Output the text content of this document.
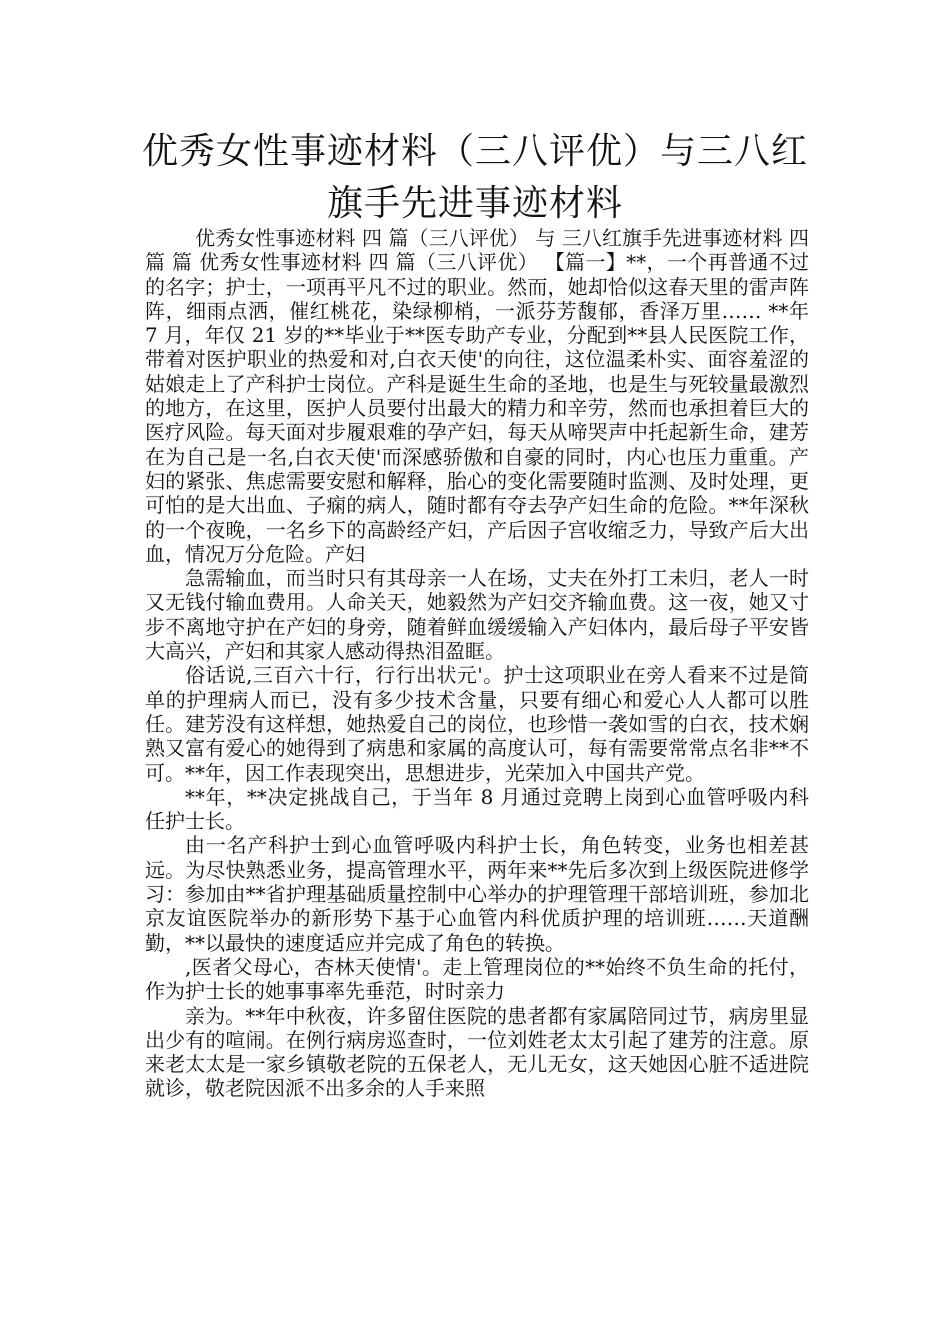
优秀女性事迹材料（三八评优）与三八红
旗手先进事迹材料

优秀女性事迹材料 四 篇（三八评优） 与 三八红旗手先进事迹材料 四篇 篇 优秀女性事迹材料 四 篇（三八评优） 【篇一】**，一个再普通不过的名字；护士，一项再平凡不过的职业。然而，她却恰似这春天里的雷声阵阵，细雨点洒，催红桃花，染绿柳梢，一派芬芳馥郁，香泽万里…… **年 7 月，年仅 21 岁的**毕业于**医专助产专业，分配到**县人民医院工作，带着对医护职业的热爱和对,白衣天使'的向往，这位温柔朴实、面容羞涩的姑娘走上了产科护士岗位。产科是诞生生命的圣地，也是生与死较量最激烈的地方，在这里，医护人员要付出最大的精力和辛劳，然而也承担着巨大的医疗风险。每天面对步履艰难的孕产妇，每天从啼哭声中托起新生命，建芳在为自己是一名,白衣天使'而深感骄傲和自豪的同时，内心也压力重重。产妇的紧张、焦虑需要安慰和解释，胎心的变化需要随时监测、及时处理，更可怕的是大出血、子痫的病人，随时都有夺去孕产妇生命的危险。**年深秋的一个夜晚，一名乡下的高龄经产妇，产后因子宫收缩乏力，导致产后大出血，情况万分危险。产妇

急需输血，而当时只有其母亲一人在场，丈夫在外打工未归，老人一时又无钱付输血费用。人命关天，她毅然为产妇交齐输血费。这一夜，她又寸步不离地守护在产妇的身旁，随着鲜血缓缓输入产妇体内，最后母子平安皆大高兴，产妇和其家人感动得热泪盈眶。

俗话说,三百六十行，行行出状元'。护士这项职业在旁人看来不过是简单的护理病人而已，没有多少技术含量，只要有细心和爱心人人都可以胜任。建芳没有这样想，她热爱自己的岗位，也珍惜一袭如雪的白衣，技术娴熟又富有爱心的她得到了病患和家属的高度认可，每有需要常常点名非**不可。**年，因工作表现突出，思想进步，光荣加入中国共产党。

**年，**决定挑战自己，于当年 8 月通过竞聘上岗到心血管呼吸内科任护士长。

由一名产科护士到心血管呼吸内科护士长，角色转变，业务也相差甚远。为尽快熟悉业务，提高管理水平，两年来**先后多次到上级医院进修学习：参加由**省护理基础质量控制中心举办的护理管理干部培训班，参加北京友谊医院举办的新形势下基于心血管内科优质护理的培训班……天道酬勤，**以最快的速度适应并完成了角色的转换。

,医者父母心，杏林天使情'。走上管理岗位的**始终不负生命的托付，作为护士长的她事事率先垂范，时时亲力

亲为。**年中秋夜，许多留住医院的患者都有家属陪同过节，病房里显出少有的喧闹。在例行病房巡查时，一位刘姓老太太引起了建芳的注意。原来老太太是一家乡镇敬老院的五保老人，无儿无女，这天她因心脏不适进院就诊，敬老院因派不出多余的人手来照
